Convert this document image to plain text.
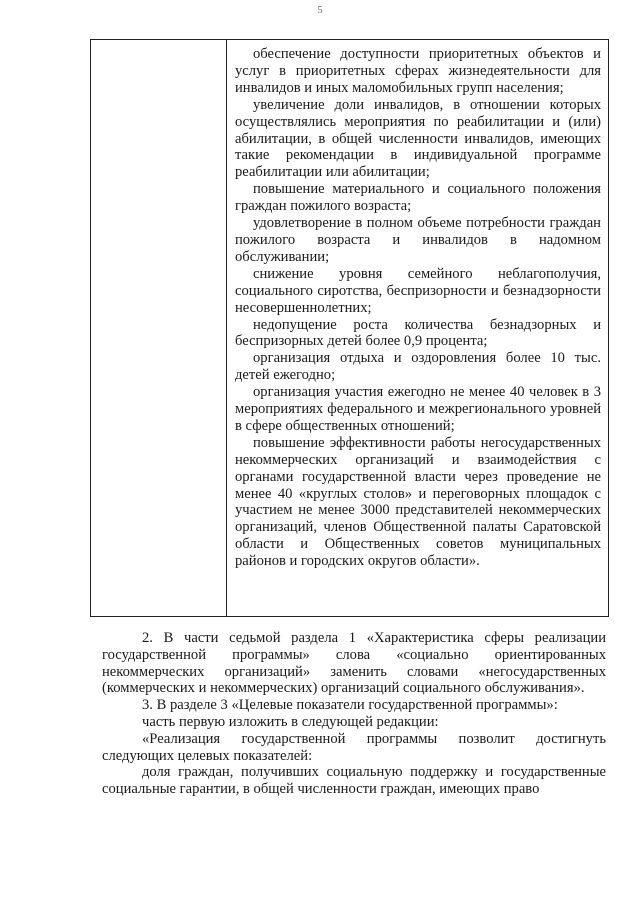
5

обеспечение доступности приоритетных объектов и услуг в приоритетных сферах жизнедеятельности для инвалидов и иных маломобильных групп населения;

увеличение доли инвалидов, в отношении которых осуществлялись мероприятия по реабилитации и (или) абилитации, в общей численности инвалидов, имеющих такие рекомендации в индивидуальной программе реабилитации или абилитации;

повышение материального и социального положения граждан пожилого возраста;

удовлетворение в полном объеме потребности граждан пожилого возраста и инвалидов в надомном обслуживании;

снижение уровня семейного неблагополучия, социального сиротства, беспризорности и безнадзорности несовершеннолетних;

недопущение роста количества безнадзорных и беспризорных детей более 0,9 процента;

организация отдыха и оздоровления более 10 тыс. детей ежегодно;

организация участия ежегодно не менее 40 человек в 3 мероприятиях федерального и межрегионального уровней в сфере общественных отношений;

повышение эффективности работы негосударственных некоммерческих организаций и взаимодействия с органами государственной власти через проведение не менее 40 «круглых столов» и переговорных площадок с участием не менее 3000 представителей некоммерческих организаций, членов Общественной палаты Саратовской области и Общественных советов муниципальных районов и городских округов области».

2. В части седьмой раздела 1 «Характеристика сферы реализации государственной программы» слова «социально ориентированных некоммерческих организаций» заменить словами «негосударственных (коммерческих и некоммерческих) организаций социального обслуживания».

3. В разделе 3 «Целевые показатели государственной программы»:

часть первую изложить в следующей редакции:

«Реализация государственной программы позволит достигнуть следующих целевых показателей:

доля граждан, получивших социальную поддержку и государственные социальные гарантии, в общей численности граждан, имеющих право
